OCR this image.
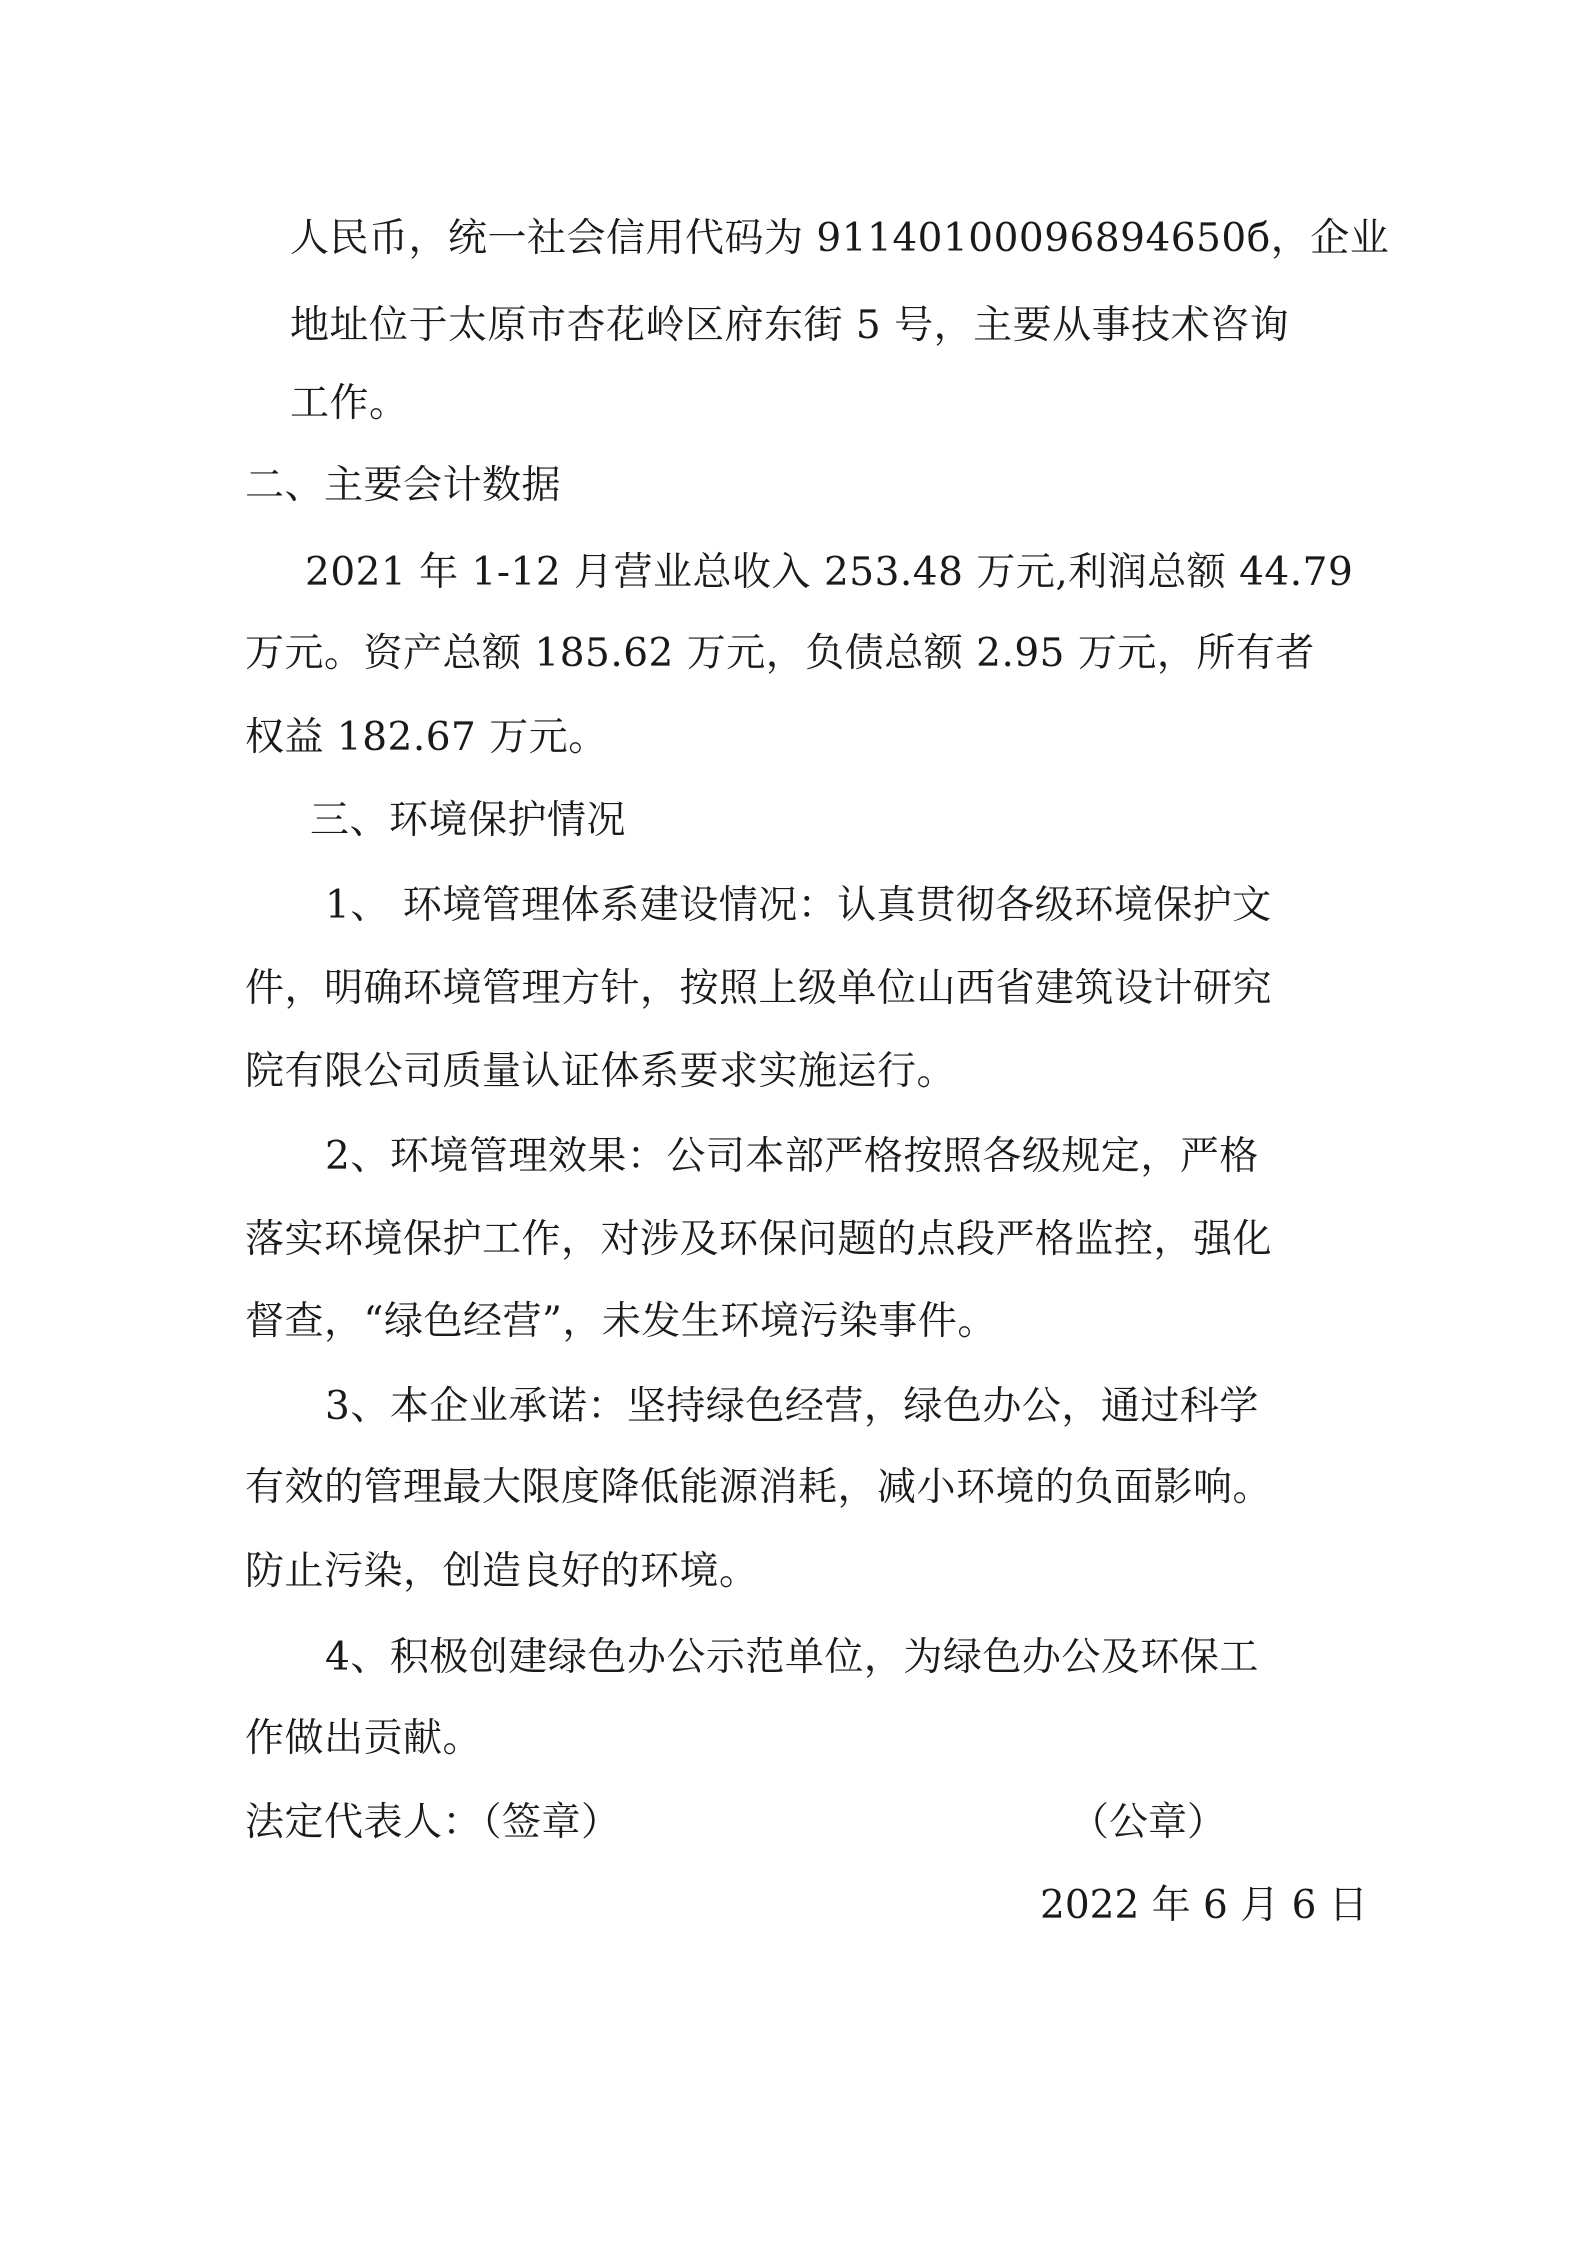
人民币，统一社会信用代码为 91140100096894650б，企业
地址位于太原市杏花岭区府东街 5 号，主要从事技术咨询
工作。
二、主要会计数据
2021 年 1-12 月营业总收入 253.48 万元,利润总额 44.79
万元。资产总额 185.62 万元，负债总额 2.95 万元，所有者
权益 182.67 万元。
三、环境保护情况
1、 环境管理体系建设情况：认真贯彻各级环境保护文
件，明确环境管理方针，按照上级单位山西省建筑设计研究
院有限公司质量认证体系要求实施运行。
2、环境管理效果：公司本部严格按照各级规定，严格
落实环境保护工作，对涉及环保问题的点段严格监控，强化
督查，“绿色经营”，未发生环境污染事件。
3、本企业承诺：坚持绿色经营，绿色办公，通过科学
有效的管理最大限度降低能源消耗，减小环境的负面影响。
防止污染，创造良好的环境。
4、积极创建绿色办公示范单位，为绿色办公及环保工
作做出贡献。
法定代表人：（签章）	（公章）
2022 年 6 月 6 日
